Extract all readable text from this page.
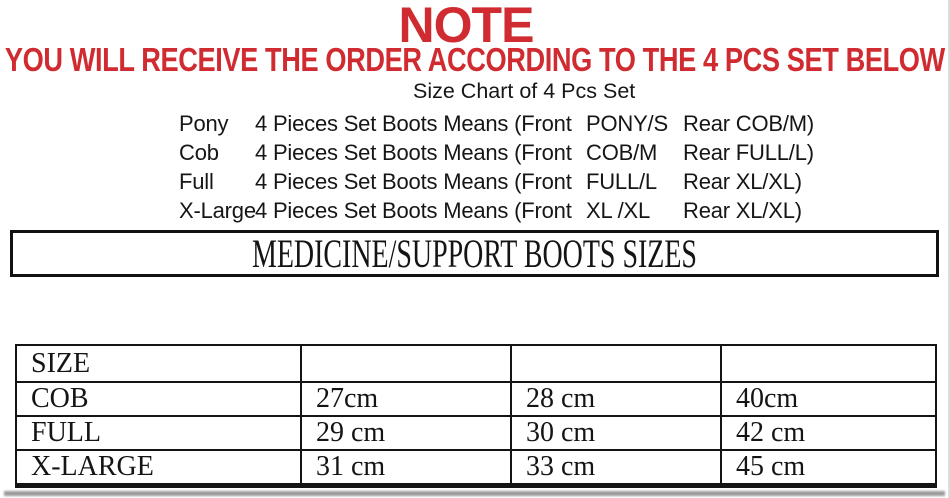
NOTE
YOU WILL RECEIVE THE ORDER ACCORDING TO THE 4 PCS SET BELOW
Size Chart of 4 Pcs Set
Pony	4 Pieces Set Boots Means (Front PONY/S Rear COB/M)
Cob	4 Pieces Set Boots Means (Front COB/M	Rear FULL/L)
Full	4 Pieces Set Boots Means (Front FULL/L	Rear XL/XL)
X-Large 4 Pieces Set Boots Means (Front XL /XL	Rear XL/XL)
MEDICINE/SUPPORT BOOTS SIZES
SIZE			
COB	27cm	28 cm	40cm
FULL	29 cm	30 cm	42 cm
X-LARGE	31 cm	33 cm	45 cm
